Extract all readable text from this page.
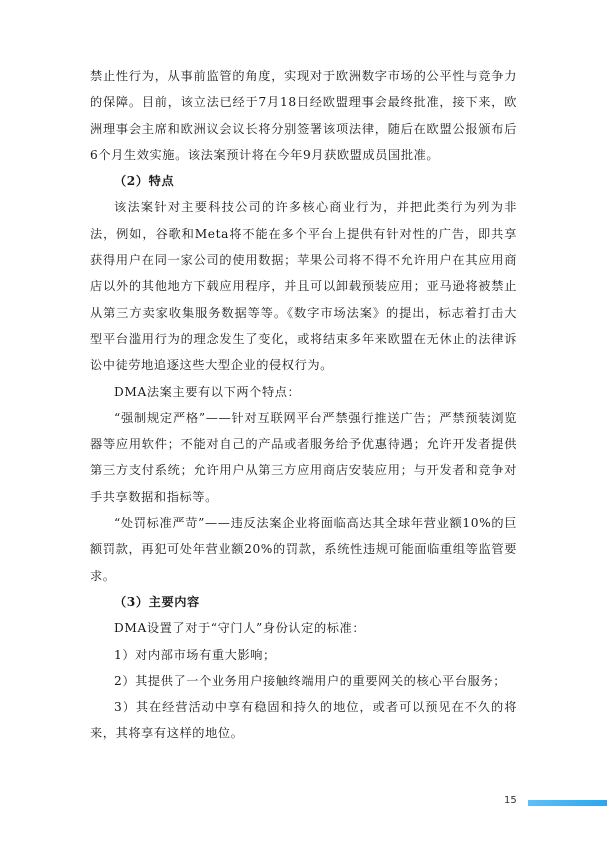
禁止性行为，从事前监管的角度，实现对于欧洲数字市场的公平性与竞争力的保障。目前，该立法已经于7月18日经欧盟理事会最终批准，接下来，欧洲理事会主席和欧洲议会议长将分别签署该项法律，随后在欧盟公报颁布后6个月生效实施。该法案预计将在今年9月获欧盟成员国批准。

（2）特点

该法案针对主要科技公司的许多核心商业行为，并把此类行为列为非法，例如，谷歌和Meta将不能在多个平台上提供有针对性的广告，即共享获得用户在同一家公司的使用数据；苹果公司将不得不允许用户在其应用商店以外的其他地方下载应用程序，并且可以卸载预装应用；亚马逊将被禁止从第三方卖家收集服务数据等等。《数字市场法案》的提出，标志着打击大型平台滥用行为的理念发生了变化，或将结束多年来欧盟在无休止的法律诉讼中徒劳地追逐这些大型企业的侵权行为。

DMA法案主要有以下两个特点：

“强制规定严格”——针对互联网平台严禁强行推送广告；严禁预装浏览器等应用软件；不能对自己的产品或者服务给予优惠待遇；允许开发者提供第三方支付系统；允许用户从第三方应用商店安装应用；与开发者和竞争对手共享数据和指标等。

“处罚标准严苛”——违反法案企业将面临高达其全球年营业额10%的巨额罚款，再犯可处年营业额20%的罚款，系统性违规可能面临重组等监管要求。

（3）主要内容

DMA设置了对于“守门人”身份认定的标准：

1）对内部市场有重大影响；

2）其提供了一个业务用户接触终端用户的重要网关的核心平台服务；

3）其在经营活动中享有稳固和持久的地位，或者可以预见在不久的将来，其将享有这样的地位。

15
